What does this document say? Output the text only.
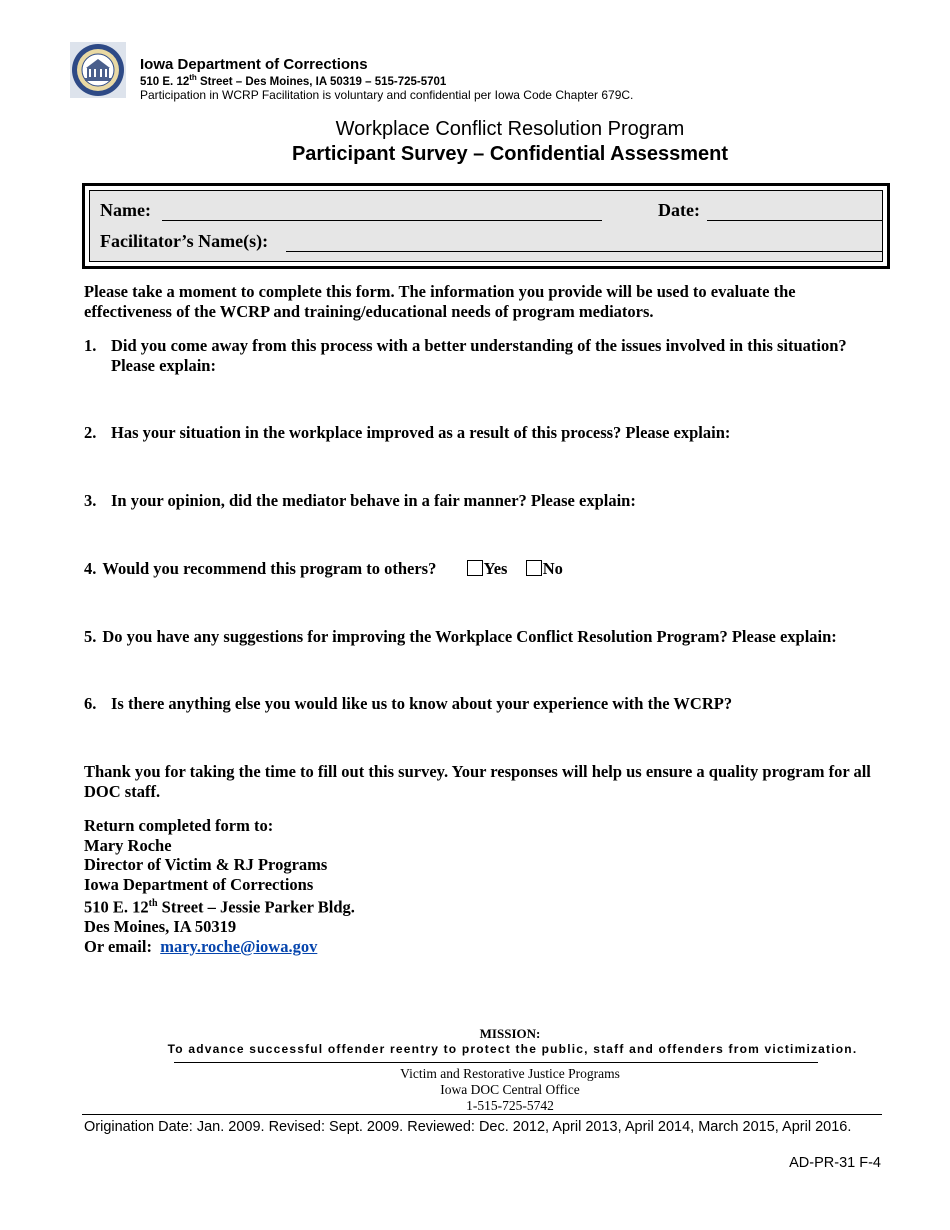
Iowa Department of Corrections
510 E. 12th Street – Des Moines, IA 50319 – 515-725-5701
Participation in WCRP Facilitation is voluntary and confidential per Iowa Code Chapter 679C.
Workplace Conflict Resolution Program
Participant Survey – Confidential Assessment
Name:	Date:
Facilitator’s Name(s):
Please take a moment to complete this form. The information you provide will be used to evaluate the effectiveness of the WCRP and training/educational needs of program mediators.
1. Did you come away from this process with a better understanding of the issues involved in this situation?
Please explain:
2. Has your situation in the workplace improved as a result of this process? Please explain:
3. In your opinion, did the mediator behave in a fair manner? Please explain:
4. Would you recommend this program to others?	Yes No
5. Do you have any suggestions for improving the Workplace Conflict Resolution Program? Please explain:
6. Is there anything else you would like us to know about your experience with the WCRP?
Thank you for taking the time to fill out this survey. Your responses will help us ensure a quality program for all DOC staff.
Return completed form to:
Mary Roche
Director of Victim & RJ Programs
Iowa Department of Corrections
510 E. 12th Street – Jessie Parker Bldg.
Des Moines, IA 50319
Or email: mary.roche@iowa.gov
MISSION:
To advance successful offender reentry to protect the public, staff and offenders from victimization.
Victim and Restorative Justice Programs
Iowa DOC Central Office
1-515-725-5742
Origination Date: Jan. 2009. Revised: Sept. 2009. Reviewed: Dec. 2012, April 2013, April 2014, March 2015, April 2016.
AD-PR-31 F-4
